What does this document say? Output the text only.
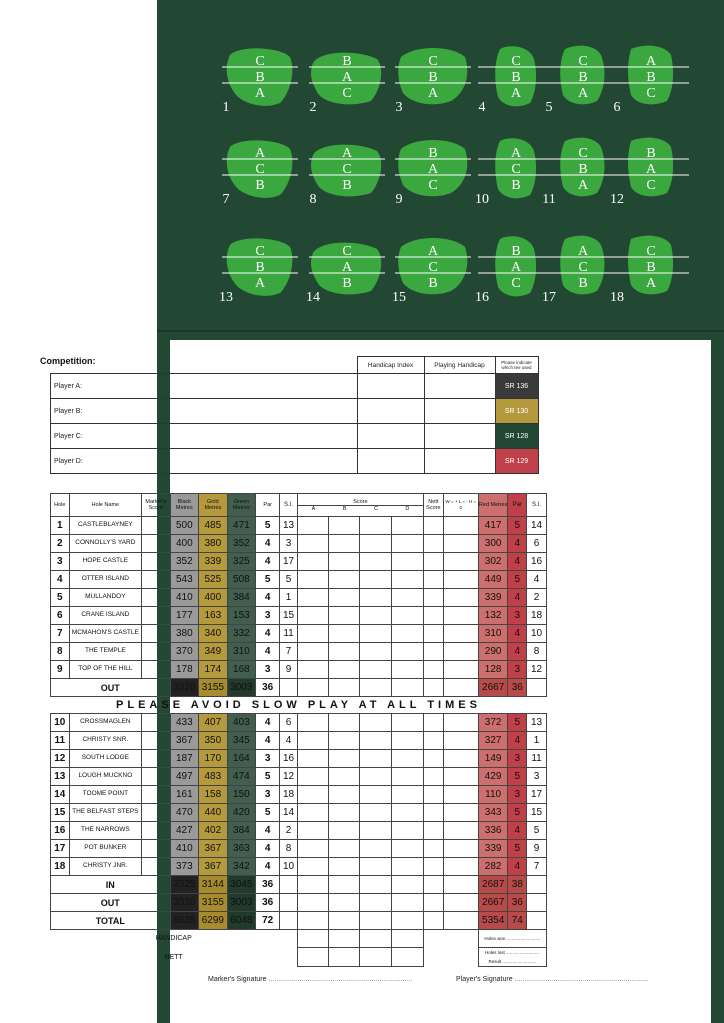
C
B
A
1
B
A
C
2
C
B
A
3
C
B
A
4
C
B
A
5
A
B
C
6
A
C
B
7
A
C
B
8
B
A
C
9
A
C
B
10
C
B
A
11
B
A
C
12
C
B
A
13
C
A
B
14
A
C
B
15
B
A
C
16
A
C
B
17
C
B
A
18
Competition:
		Handicap Index	Playing Handicap	Please indicate which tee used
Player A:			SR 136
Player B:			SR 130
Player C:			SR 128
Player D:			SR 129
Hole	Hole Name	Marker's Score	Black Metres	Gold Metres	Green Metres	Par	S.I.	Score
A B C D				Nett Score	W = + L = - H = 0	Red Metres	Par	S.I.
1	CASTLEBLAYNEY		500	485	471	5	13							417	5	14
2	CONNOLLY'S YARD		400	380	352	4	3							300	4	6
3	HOPE CASTLE		352	339	325	4	17							302	4	16
4	OTTER ISLAND		543	525	508	5	5							449	5	4
5	MULLANDOY		410	400	384	4	1							339	4	2
6	CRANE ISLAND		177	163	153	3	15							132	3	18
7	MCMAHON'S CASTLE		380	340	332	4	11							310	4	10
8	THE TEMPLE		370	349	310	4	7							290	4	8
9	TOP OF THE HILL		178	174	168	3	9							128	3	12
OUT			3310	3155	3003	36								2667	36	
PLEASE AVOID SLOW PLAY AT ALL TIMES																
10	CROSSMAGLEN		433	407	403	4	6							372	5	13
11	CHRISTY SNR.		367	350	345	4	4							327	4	1
12	SOUTH LODGE		187	170	164	3	16							149	3	11
13	LOUGH MUCKNO		497	483	474	5	12							429	5	3
14	TOOME POINT		161	158	150	3	18							110	3	17
15	THE BELFAST STEPS		470	440	420	5	14							343	5	15
16	THE NARROWS		427	402	384	4	2							336	4	5
17	POT BUNKER		410	367	363	4	8							339	5	9
18	CHRISTY JNR.		373	367	342	4	10							282	4	7
IN			3325	3144	3045	36								2687	38	
OUT			3310	3155	3003	36								2667	36	
TOTAL			6635	6299	6048	72								5354	74	
HANDICAP														Holes won ...........................		
NETT														Holes lost ...........................
Result ...........................		
Marker's Signature ..........................................................................	Player's Signature .....................................................................
